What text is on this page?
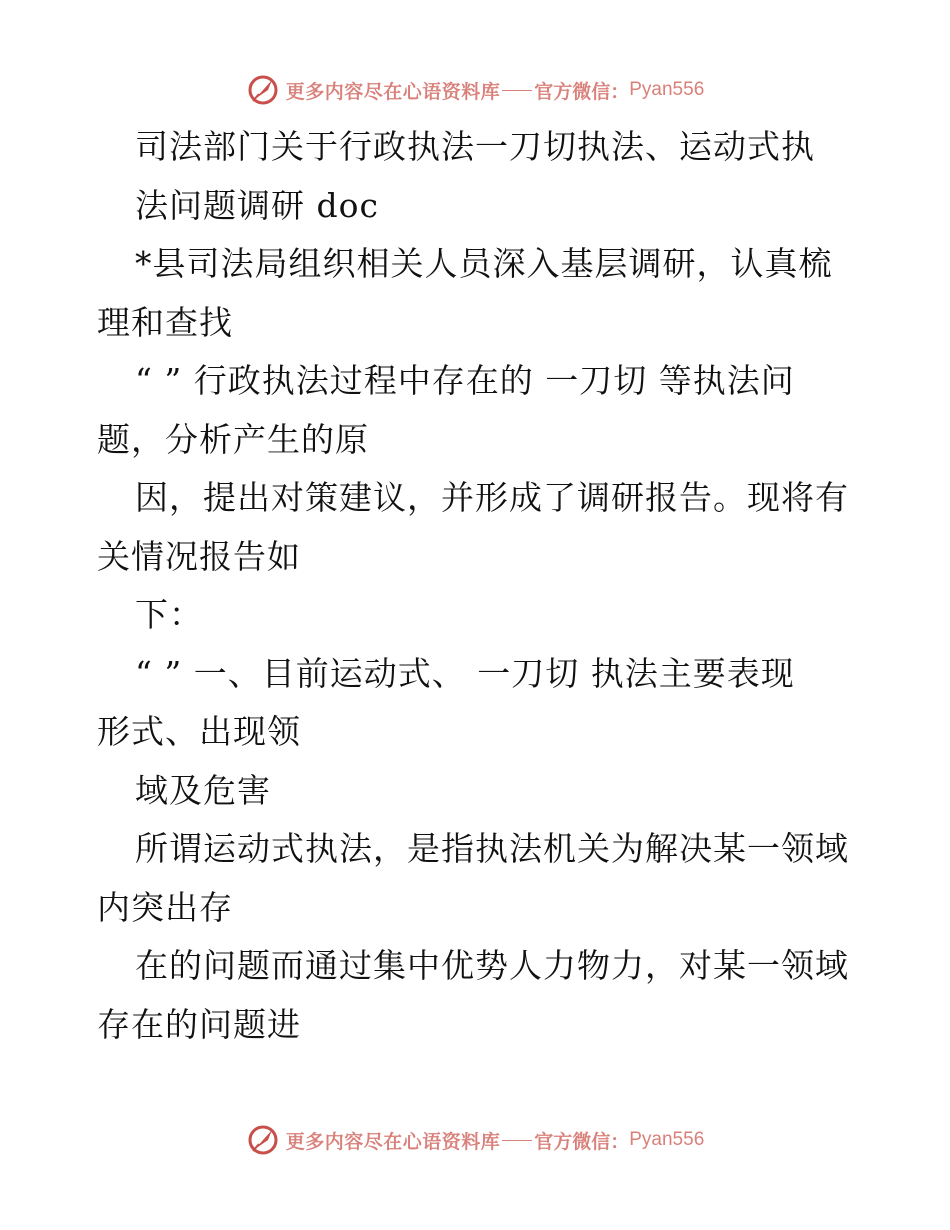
更多内容尽在心语资料库 官方微信： Pyan556
司法部门关于行政执法一刀切执法、运动式执
法问题调研 doc
*县司法局组织相关人员深入基层调研，认真梳
理和查找
“ ” 行政执法过程中存在的 一刀切 等执法问
题，分析产生的原
因，提出对策建议，并形成了调研报告。现将有
关情况报告如
下：
“ ” 一、目前运动式、 一刀切 执法主要表现
形式、出现领
域及危害
所谓运动式执法，是指执法机关为解决某一领域
内突出存
在的问题而通过集中优势人力物力，对某一领域
存在的问题进
更多内容尽在心语资料库 官方微信： Pyan556
